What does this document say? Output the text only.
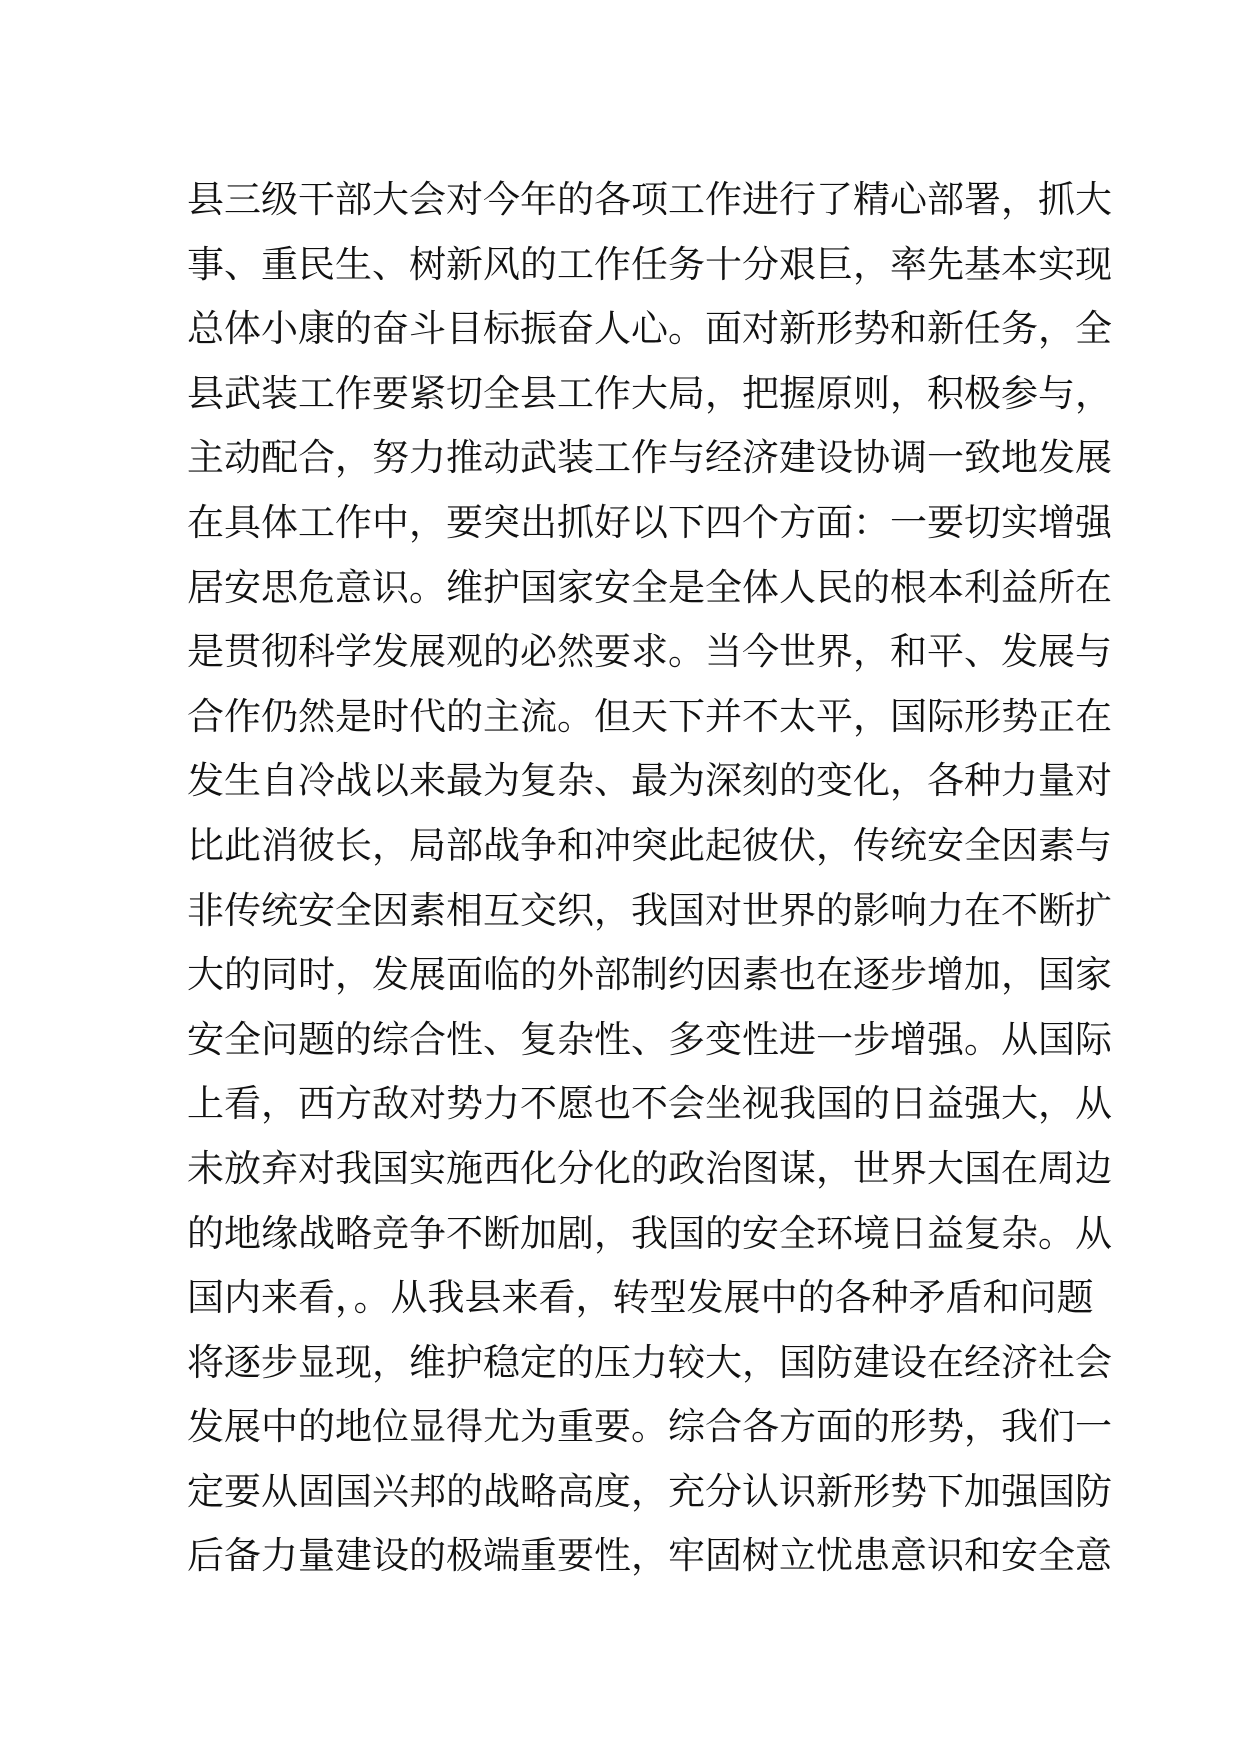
县三级干部大会对今年的各项工作进行了精心部署，抓大
事、重民生、树新风的工作任务十分艰巨，率先基本实现
总体小康的奋斗目标振奋人心。面对新形势和新任务，全
县武装工作要紧切全县工作大局，把握原则，积极参与，
主动配合，努力推动武装工作与经济建设协调一致地发展
在具体工作中，要突出抓好以下四个方面：一要切实增强
居安思危意识。维护国家安全是全体人民的根本利益所在
是贯彻科学发展观的必然要求。当今世界，和平、发展与
合作仍然是时代的主流。但天下并不太平，国际形势正在
发生自冷战以来最为复杂、最为深刻的变化，各种力量对
比此消彼长，局部战争和冲突此起彼伏，传统安全因素与
非传统安全因素相互交织，我国对世界的影响力在不断扩
大的同时，发展面临的外部制约因素也在逐步增加，国家
安全问题的综合性、复杂性、多变性进一步增强。从国际
上看，西方敌对势力不愿也不会坐视我国的日益强大，从
未放弃对我国实施西化分化的政治图谋，世界大国在周边
的地缘战略竞争不断加剧，我国的安全环境日益复杂。从
国内来看，。从我县来看，转型发展中的各种矛盾和问题
将逐步显现，维护稳定的压力较大，国防建设在经济社会
发展中的地位显得尤为重要。综合各方面的形势，我们一
定要从固国兴邦的战略高度，充分认识新形势下加强国防
后备力量建设的极端重要性，牢固树立忧患意识和安全意
